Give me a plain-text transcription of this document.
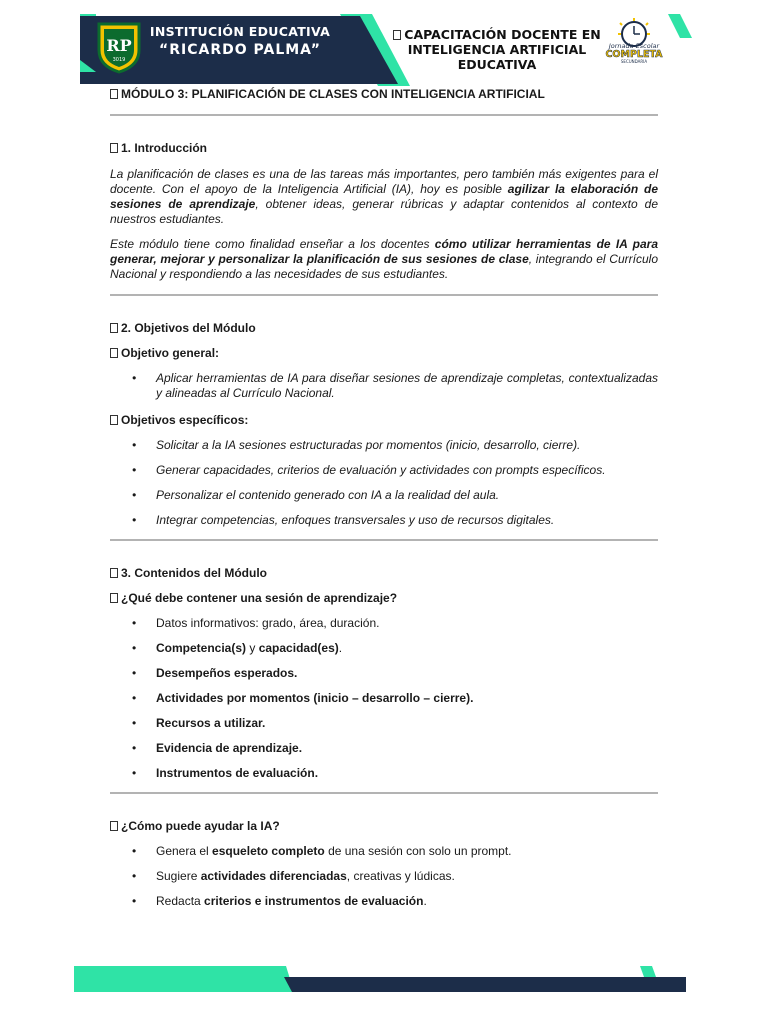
RP
3019
INSTITUCIÓN EDUCATIVA
“RICARDO PALMA”
CAPACITACIÓN DOCENTE EN
INTELIGENCIA ARTIFICIAL
EDUCATIVA
Jornada Escolar
COMPLETA
SECUNDARIA

MÓDULO 3: PLANIFICACIÓN DE CLASES CON INTELIGENCIA ARTIFICIAL

1. Introducción

La planificación de clases es una de las tareas más importantes, pero también más exigentes para el docente. Con el apoyo de la Inteligencia Artificial (IA), hoy es posible agilizar la elaboración de sesiones de aprendizaje, obtener ideas, generar rúbricas y adaptar contenidos al contexto de nuestros estudiantes.

Este módulo tiene como finalidad enseñar a los docentes cómo utilizar herramientas de IA para generar, mejorar y personalizar la planificación de sus sesiones de clase, integrando el Currículo Nacional y respondiendo a las necesidades de sus estudiantes.

2. Objetivos del Módulo

Objetivo general:

• Aplicar herramientas de IA para diseñar sesiones de aprendizaje completas, contextualizadas y alineadas al Currículo Nacional.

Objetivos específicos:

• Solicitar a la IA sesiones estructuradas por momentos (inicio, desarrollo, cierre).
• Generar capacidades, criterios de evaluación y actividades con prompts específicos.
• Personalizar el contenido generado con IA a la realidad del aula.
• Integrar competencias, enfoques transversales y uso de recursos digitales.

3. Contenidos del Módulo

¿Qué debe contener una sesión de aprendizaje?

• Datos informativos: grado, área, duración.
• Competencia(s) y capacidad(es).
• Desempeños esperados.
• Actividades por momentos (inicio – desarrollo – cierre).
• Recursos a utilizar.
• Evidencia de aprendizaje.
• Instrumentos de evaluación.

¿Cómo puede ayudar la IA?

• Genera el esqueleto completo de una sesión con solo un prompt.
• Sugiere actividades diferenciadas, creativas y lúdicas.
• Redacta criterios e instrumentos de evaluación.
